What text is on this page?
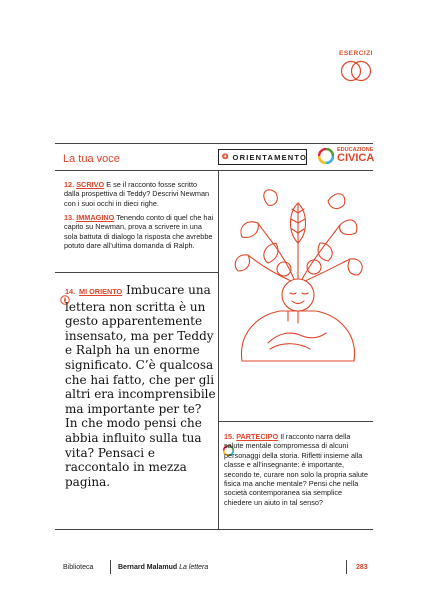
ESERCIZI
La tua voce	⭗ ORIENTAMENTO
EDUCAZIONE
CIVICA
12. SCRIVO E se il racconto fosse scritto dalla prospettiva di Teddy? Descrivi Newman con i suoi occhi in dieci righe.
13. IMMAGINO Tenendo conto di quel che hai capito su Newman, prova a scrivere in una sola battuta di dialogo la risposta che avrebbe potuto dare all’ultima domanda di Ralph.
14. MI ORIENTO Imbucare una lettera non scritta è un gesto apparentemente insensato, ma per Teddy e Ralph ha un enorme significato. C’è qualcosa che hai fatto, che per gli altri era incomprensibile ma importante per te? In che modo pensi che abbia influito sulla tua vita? Pensaci e raccontalo in mezza pagina.
15. PARTECIPO Il racconto narra della salute mentale compromessa di alcuni personaggi della storia. Rifletti insieme alla classe e all’insegnante: è importante, secondo te, curare non solo la propria salute fisica ma anche mentale? Pensi che nella società contemporanea sia semplice chiedere un aiuto in tal senso?
Biblioteca	Bernard Malamud La lettera	283
